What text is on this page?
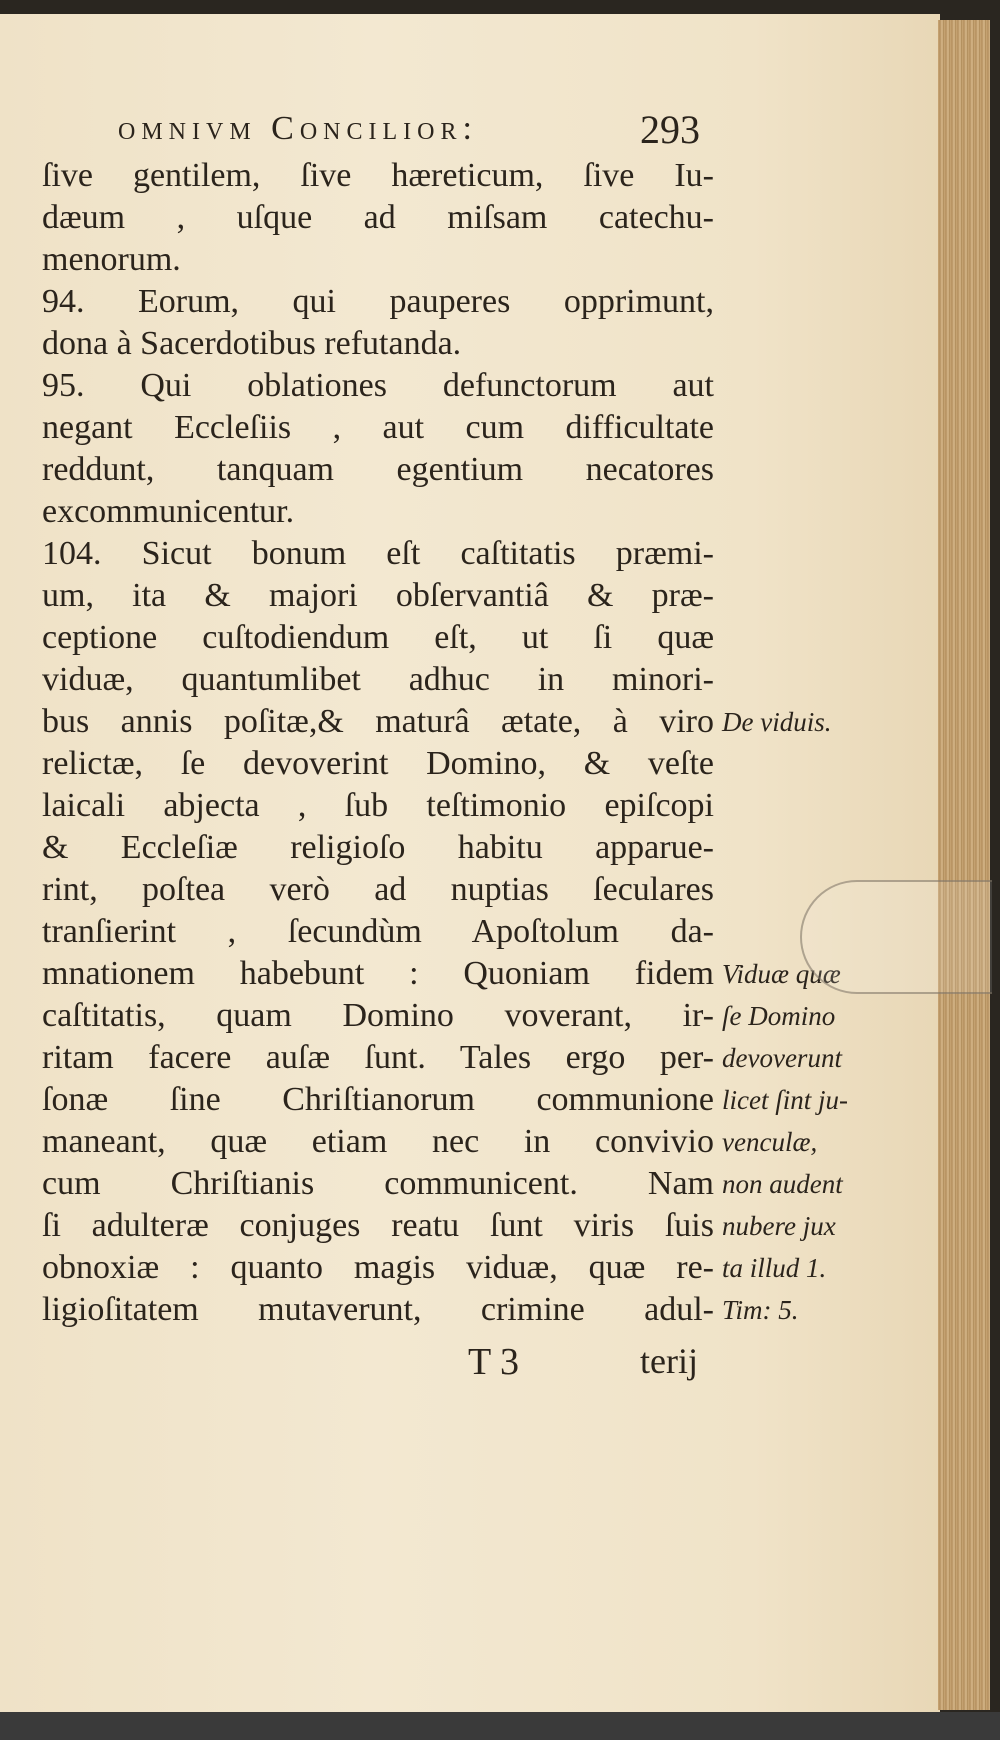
omnivm Concilior:	293
ſive gentilem, ſive hæreticum, ſive Iu-
dæum , uſque ad miſsam catechu-
menorum.
94. Eorum, qui pauperes opprimunt,
dona à Sacerdotibus refutanda.
95. Qui oblationes defunctorum aut
negant Eccleſiis , aut cum difficultate
reddunt, tanquam egentium necatores
excommunicentur.
104. Sicut bonum eſt caſtitatis præmi-
um, ita & majori obſervantiâ & præ-
ceptione cuſtodiendum eſt, ut ſi quæ
viduæ, quantumlibet adhuc in minori-
bus annis poſitæ,& maturâ ætate, à viro
relictæ, ſe devoverint Domino, & veſte
laicali abjecta , ſub teſtimonio epiſcopi
& Eccleſiæ religioſo habitu apparue-
rint, poſtea verò ad nuptias ſeculares
tranſierint , ſecundùm Apoſtolum da-
mnationem habebunt : Quoniam fidem
caſtitatis, quam Domino voverant, ir-
ritam facere auſæ ſunt. Tales ergo per-
ſonæ ſine Chriſtianorum communione
maneant, quæ etiam nec in convivio
cum Chriſtianis communicent. Nam
ſi adulteræ conjuges reatu ſunt viris ſuis
obnoxiæ : quanto magis viduæ, quæ re-
ligioſitatem mutaverunt, crimine adul-
De viduis.
Viduæ quæ
ſe Domino
devoverunt
licet ſint ju-
venculæ,
non audent
nubere jux
ta illud 1.
Tim: 5.
T 3	terij
